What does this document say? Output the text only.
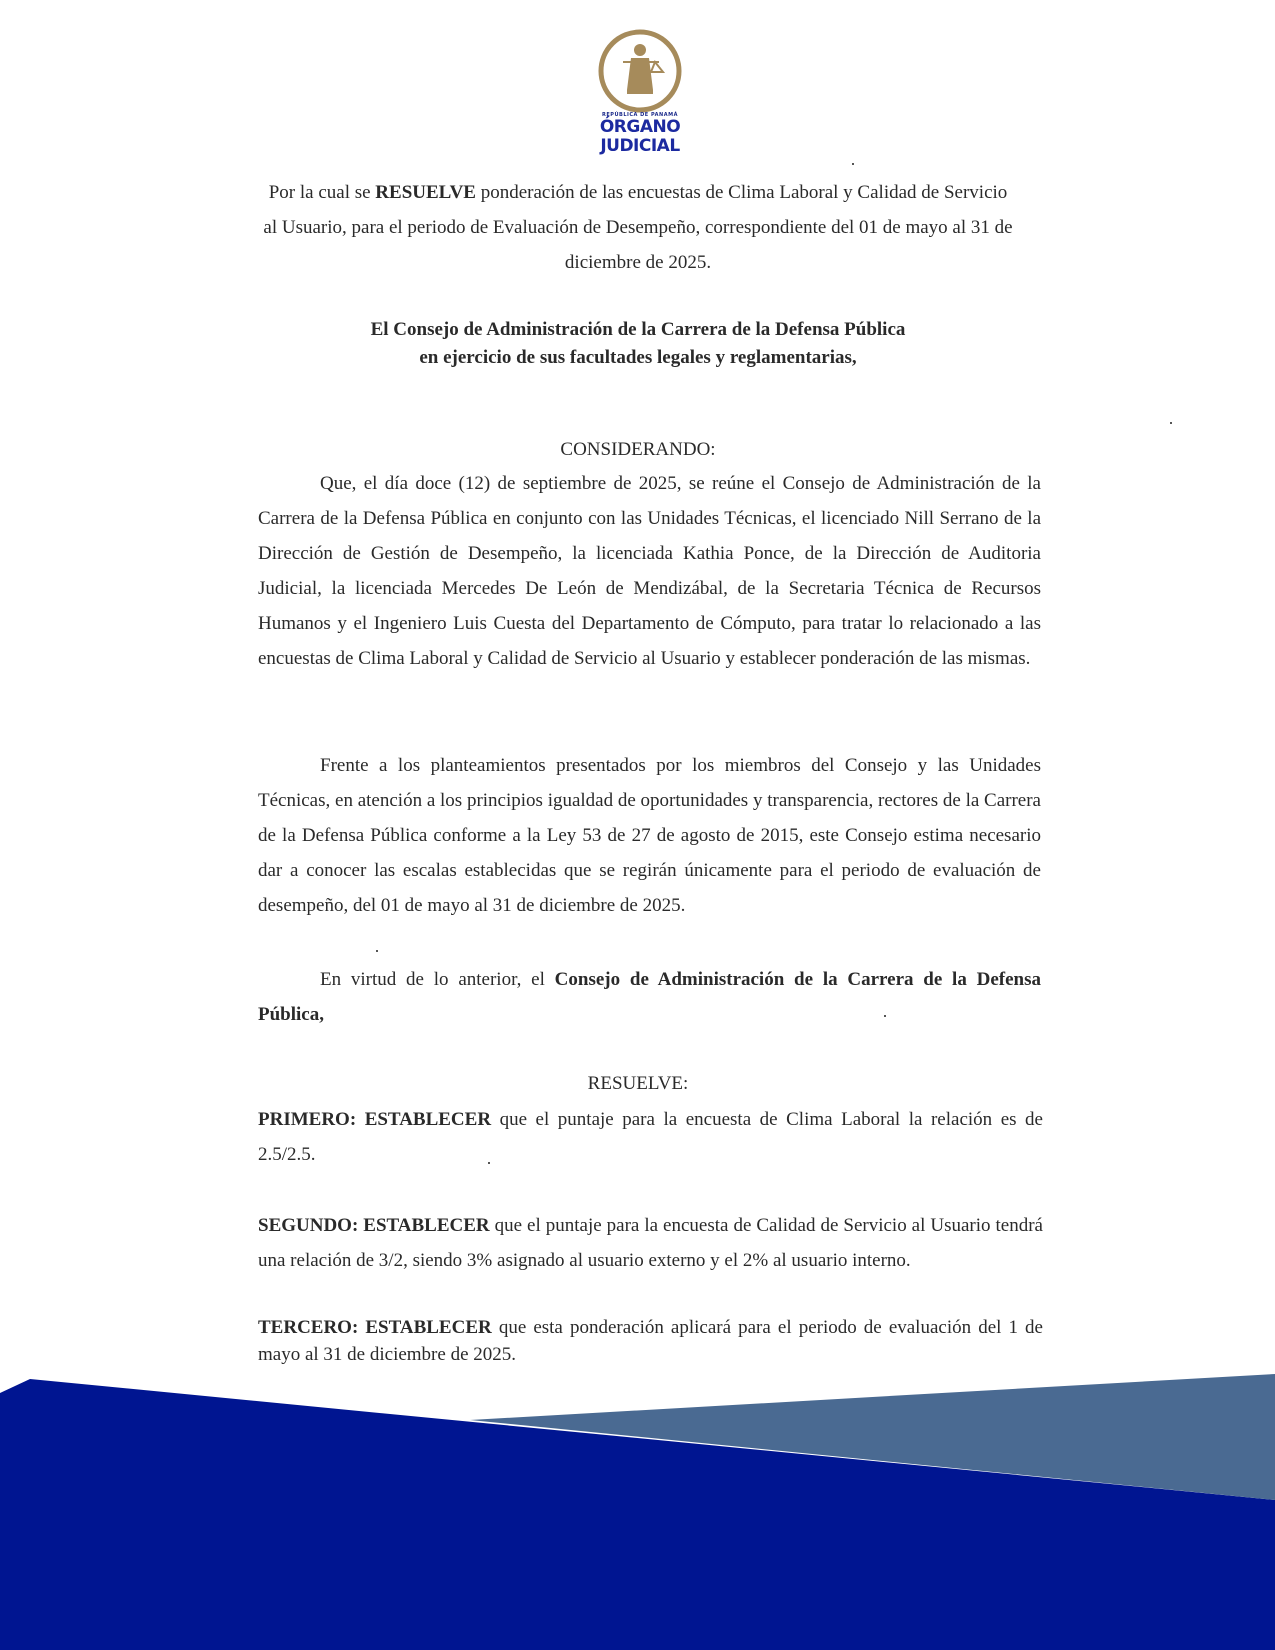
REPÚBLICA DE PANAMÁ
ÓRGANO
JUDICIAL
Por la cual se RESUELVE ponderación de las encuestas de Clima Laboral y Calidad de Servicio al Usuario, para el periodo de Evaluación de Desempeño, correspondiente del 01 de mayo al 31 de diciembre de 2025.
El Consejo de Administración de la Carrera de la Defensa Pública
en ejercicio de sus facultades legales y reglamentarias,
CONSIDERANDO:
Que, el día doce (12) de septiembre de 2025, se reúne el Consejo de Administración de la Carrera de la Defensa Pública en conjunto con las Unidades Técnicas, el licenciado Nill Serrano de la Dirección de Gestión de Desempeño, la licenciada Kathia Ponce, de la Dirección de Auditoria Judicial, la licenciada Mercedes De León de Mendizábal, de la Secretaria Técnica de Recursos Humanos y el Ingeniero Luis Cuesta del Departamento de Cómputo, para tratar lo relacionado a las encuestas de Clima Laboral y Calidad de Servicio al Usuario y establecer ponderación de las mismas.
Frente a los planteamientos presentados por los miembros del Consejo y las Unidades Técnicas, en atención a los principios igualdad de oportunidades y transparencia, rectores de la Carrera de la Defensa Pública conforme a la Ley 53 de 27 de agosto de 2015, este Consejo estima necesario dar a conocer las escalas establecidas que se regirán únicamente para el periodo de evaluación de desempeño, del 01 de mayo al 31 de diciembre de 2025.
En virtud de lo anterior, el Consejo de Administración de la Carrera de la Defensa Pública,
RESUELVE:
PRIMERO: ESTABLECER que el puntaje para la encuesta de Clima Laboral la relación es de 2.5/2.5.
SEGUNDO: ESTABLECER que el puntaje para la encuesta de Calidad de Servicio al Usuario tendrá una relación de 3/2, siendo 3% asignado al usuario externo y el 2% al usuario interno.
TERCERO: ESTABLECER que esta ponderación aplicará para el periodo de evaluación del 1 de mayo al 31 de diciembre de 2025.
